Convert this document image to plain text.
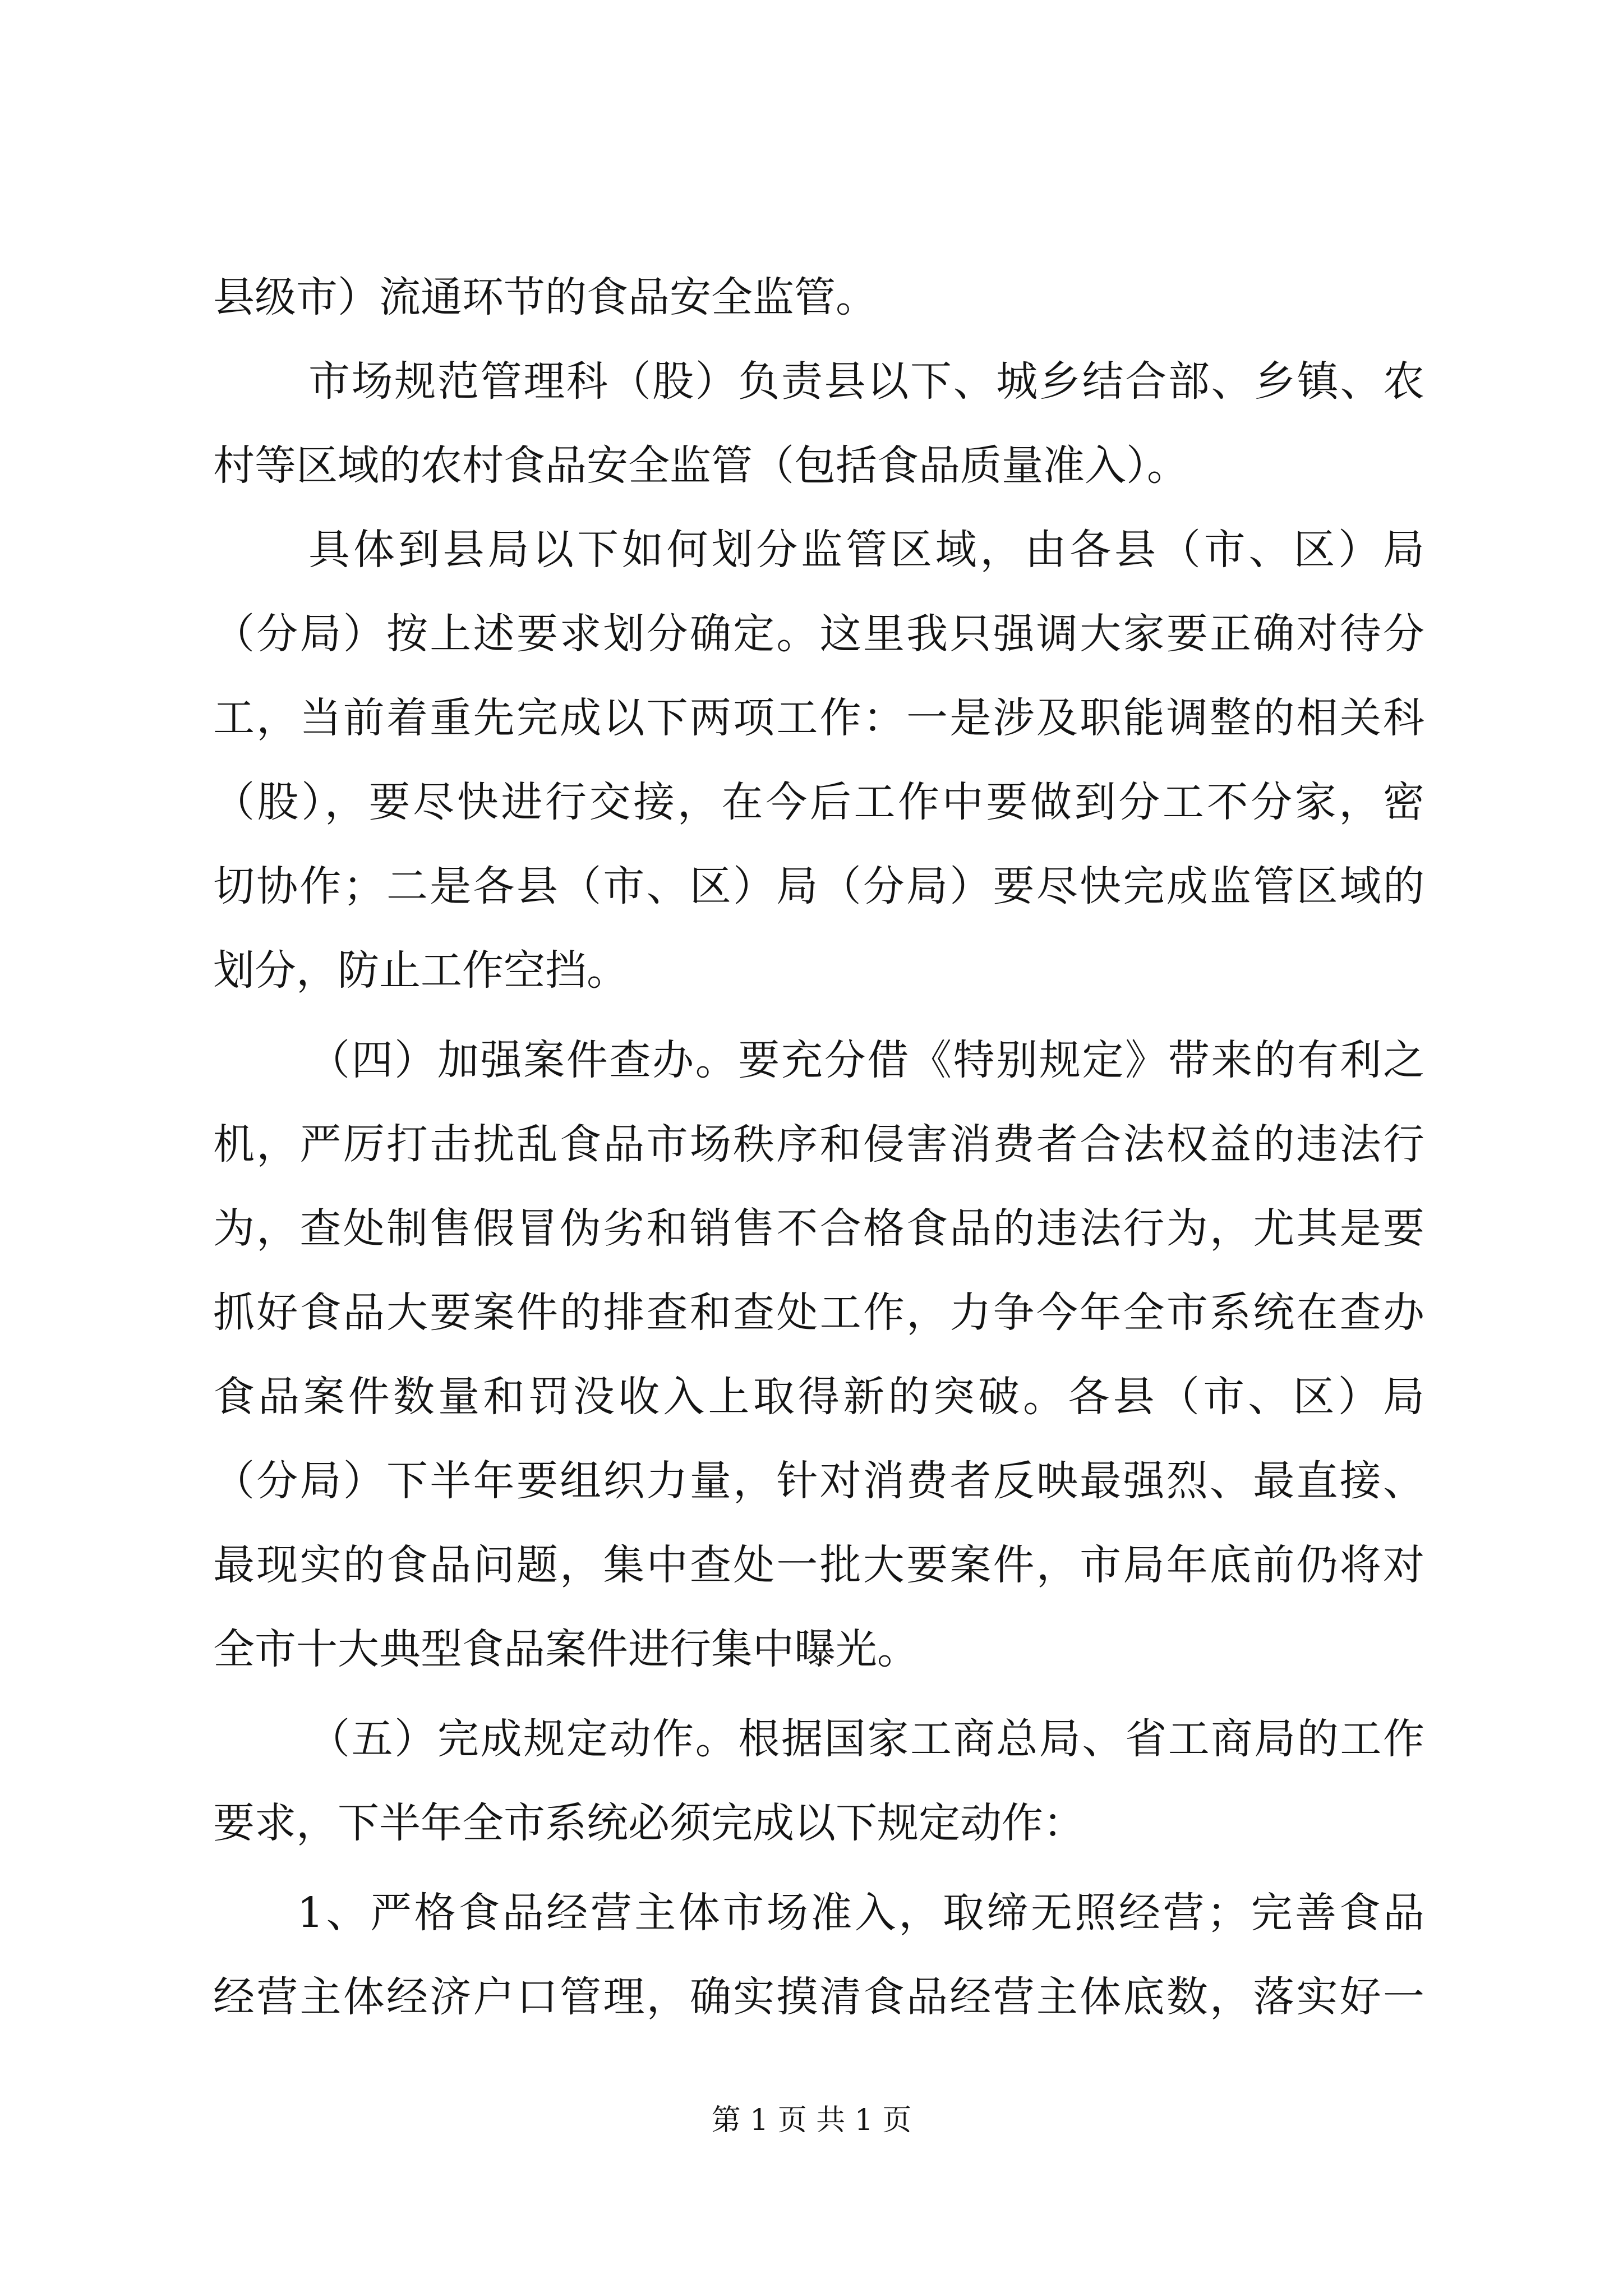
县级市）流通环节的食品安全监管。
市场规范管理科（股）负责县以下、城乡结合部、乡镇、农
村等区域的农村食品安全监管（包括食品质量准入）。
具体到县局以下如何划分监管区域，由各县（市、区）局
（分局）按上述要求划分确定。这里我只强调大家要正确对待分
工，当前着重先完成以下两项工作：一是涉及职能调整的相关科
（股），要尽快进行交接，在今后工作中要做到分工不分家，密
切协作；二是各县（市、区）局（分局）要尽快完成监管区域的
划分，防止工作空挡。
（四）加强案件查办。要充分借《特别规定》带来的有利之
机，严厉打击扰乱食品市场秩序和侵害消费者合法权益的违法行
为，查处制售假冒伪劣和销售不合格食品的违法行为，尤其是要
抓好食品大要案件的排查和查处工作，力争今年全市系统在查办
食品案件数量和罚没收入上取得新的突破。各县（市、区）局
（分局）下半年要组织力量，针对消费者反映最强烈、最直接、
最现实的食品问题，集中查处一批大要案件，市局年底前仍将对
全市十大典型食品案件进行集中曝光。
（五）完成规定动作。根据国家工商总局、省工商局的工作
要求，下半年全市系统必须完成以下规定动作：
1、严格食品经营主体市场准入，取缔无照经营；完善食品
经营主体经济户口管理，确实摸清食品经营主体底数，落实好一
第 1 页 共 1 页
